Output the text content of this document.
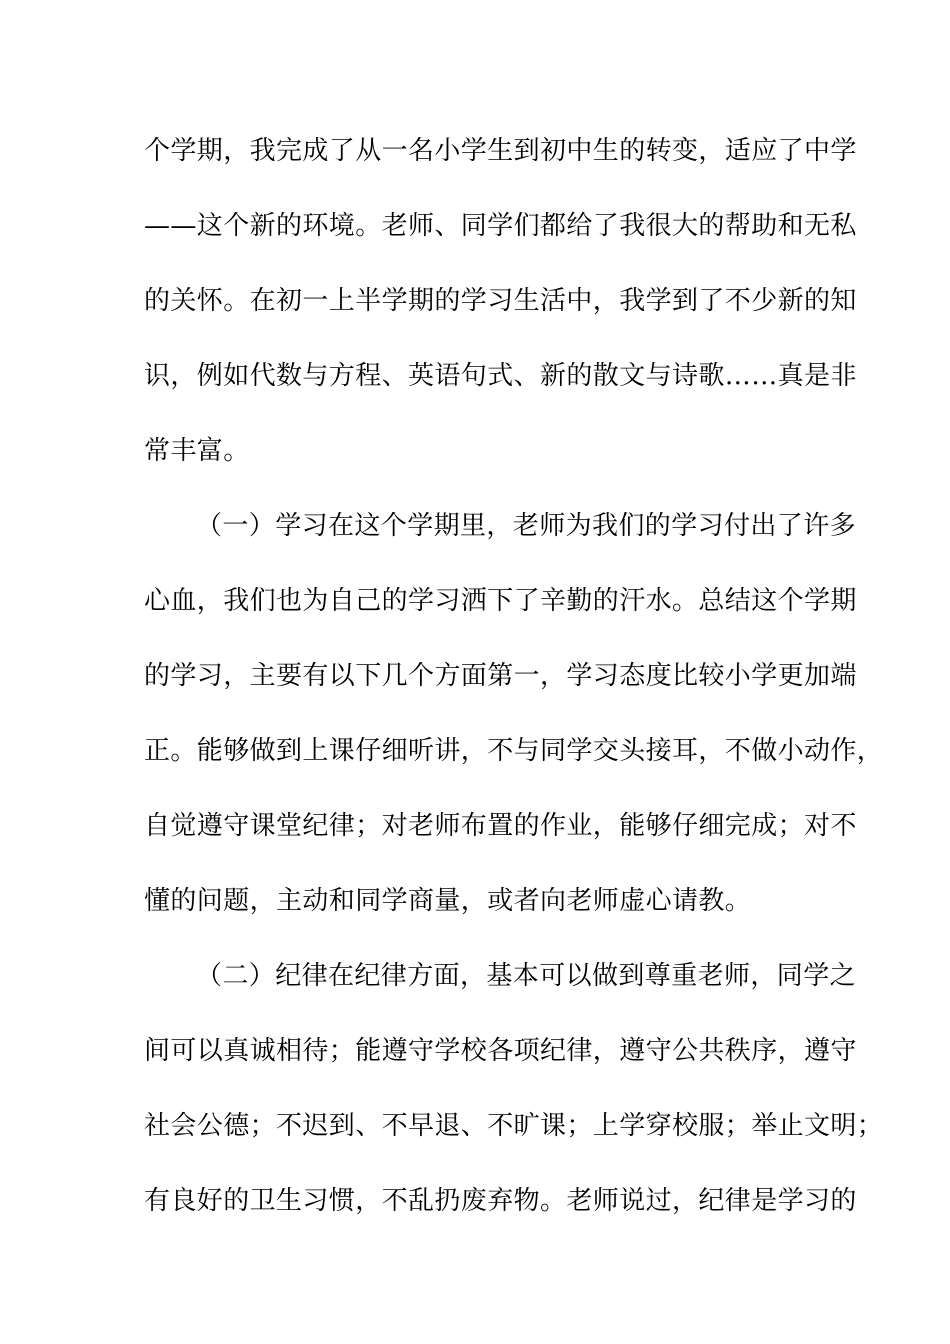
个学期，我完成了从一名小学生到初中生的转变，适应了中学
——这个新的环境。老师、同学们都给了我很大的帮助和无私
的关怀。在初一上半学期的学习生活中，我学到了不少新的知
识，例如代数与方程、英语句式、新的散文与诗歌……真是非
常丰富。
（一）学习在这个学期里，老师为我们的学习付出了许多
心血，我们也为自己的学习洒下了辛勤的汗水。总结这个学期
的学习，主要有以下几个方面第一，学习态度比较小学更加端
正。能够做到上课仔细听讲，不与同学交头接耳，不做小动作，
自觉遵守课堂纪律；对老师布置的作业，能够仔细完成；对不
懂的问题，主动和同学商量，或者向老师虚心请教。
（二）纪律在纪律方面，基本可以做到尊重老师，同学之
间可以真诚相待；能遵守学校各项纪律，遵守公共秩序，遵守
社会公德；不迟到、不早退、不旷课；上学穿校服；举止文明；
有良好的卫生习惯，不乱扔废弃物。老师说过，纪律是学习的
